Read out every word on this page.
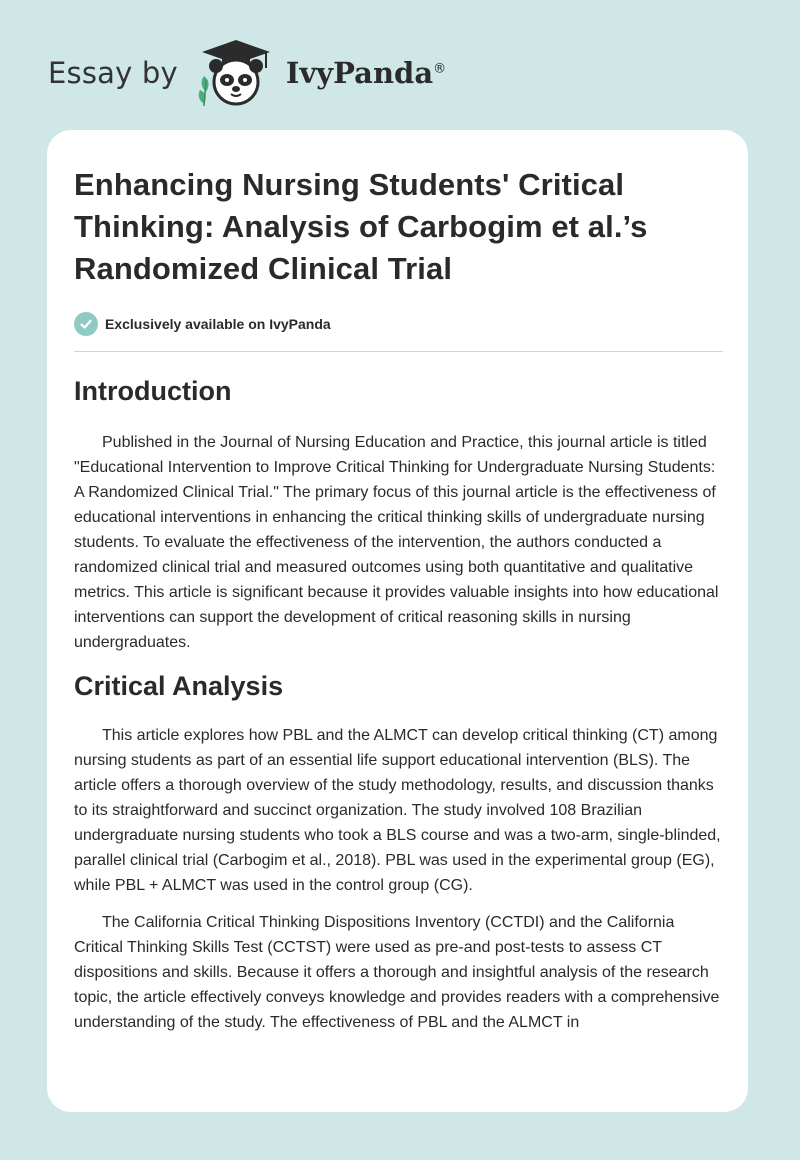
Essay by	IvyPanda®
Enhancing Nursing Students' Critical Thinking: Analysis of Carbogim et al.’s Randomized Clinical Trial
Exclusively available on IvyPanda
Introduction

Published in the Journal of Nursing Education and Practice, this journal article is titled "Educational Intervention to Improve Critical Thinking for Undergraduate Nursing Students: A Randomized Clinical Trial." The primary focus of this journal article is the effectiveness of educational interventions in enhancing the critical thinking skills of undergraduate nursing students. To evaluate the effectiveness of the intervention, the authors conducted a randomized clinical trial and measured outcomes using both quantitative and qualitative metrics. This article is significant because it provides valuable insights into how educational interventions can support the development of critical reasoning skills in nursing undergraduates.

Critical Analysis

This article explores how PBL and the ALMCT can develop critical thinking (CT) among nursing students as part of an essential life support educational intervention (BLS). The article offers a thorough overview of the study methodology, results, and discussion thanks to its straightforward and succinct organization. The study involved 108 Brazilian undergraduate nursing students who took a BLS course and was a two-arm, single-blinded, parallel clinical trial (Carbogim et al., 2018). PBL was used in the experimental group (EG), while PBL + ALMCT was used in the control group (CG).

The California Critical Thinking Dispositions Inventory (CCTDI) and the California Critical Thinking Skills Test (CCTST) were used as pre-and post-tests to assess CT dispositions and skills. Because it offers a thorough and insightful analysis of the research topic, the article effectively conveys knowledge and provides readers with a comprehensive understanding of the study. The effectiveness of PBL and the ALMCT in
